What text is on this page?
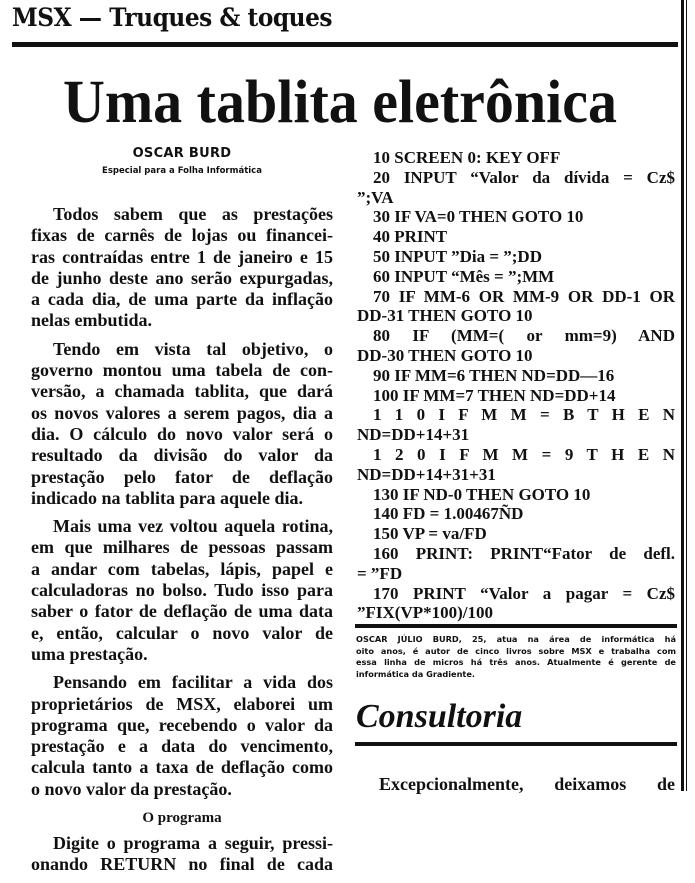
MSX — Truques & toques
Uma tablita eletrônica
OSCAR BURD
Especial para a Folha Informática
Todos sabem que as prestações
fixas de carnês de lojas ou financei-
ras contraídas entre 1 de janeiro e 15
de junho deste ano serão expurgadas,
a cada dia, de uma parte da inflação
nelas embutida.
Tendo em vista tal objetivo, o
governo montou uma tabela de con-
versão, a chamada tablita, que dará
os novos valores a serem pagos, dia a
dia. O cálculo do novo valor será o
resultado da divisão do valor da
prestação pelo fator de deflação
indicado na tablita para aquele dia.
Mais uma vez voltou aquela rotina,
em que milhares de pessoas passam
a andar com tabelas, lápis, papel e
calculadoras no bolso. Tudo isso para
saber o fator de deflação de uma data
e, então, calcular o novo valor de
uma prestação.
Pensando em facilitar a vida dos
proprietários de MSX, elaborei um
programa que, recebendo o valor da
prestação e a data do vencimento,
calcula tanto a taxa de deflação como
o novo valor da prestação.
O programa
Digite o programa a seguir, pressi-
onando RETURN no final de cada
10 SCREEN 0: KEY OFF
20 INPUT “Valor da dívida = Cz$
”;VA
30 IF VA=0 THEN GOTO 10
40 PRINT
50 INPUT ”Dia = ”;DD
60 INPUT “Mês = ”;MM
70 IF MM-6 OR MM-9 OR DD-1 OR
DD-31 THEN GOTO 10
80 IF (MM=( or mm=9) AND
DD-30 THEN GOTO 10
90 IF MM=6 THEN ND=DD—16
100 IF MM=7 THEN ND=DD+14
1 1 0 I F M M = B T H E N
ND=DD+14+31
1 2 0 I F M M = 9 T H E N
ND=DD+14+31+31
130 IF ND-0 THEN GOTO 10
140 FD = 1.00467ÑD
150 VP = va/FD
160 PRINT: PRINT“Fator de defl.
= ”FD
170 PRINT “Valor a pagar = Cz$
”FIX(VP*100)/100
OSCAR JÚLIO BURD, 25, atua na área de informática há
oito anos, é autor de cinco livros sobre MSX e trabalha com
essa linha de micros há três anos. Atualmente é gerente de
informática da Gradiente.
Consultoria
Excepcionalmente, deixamos de
